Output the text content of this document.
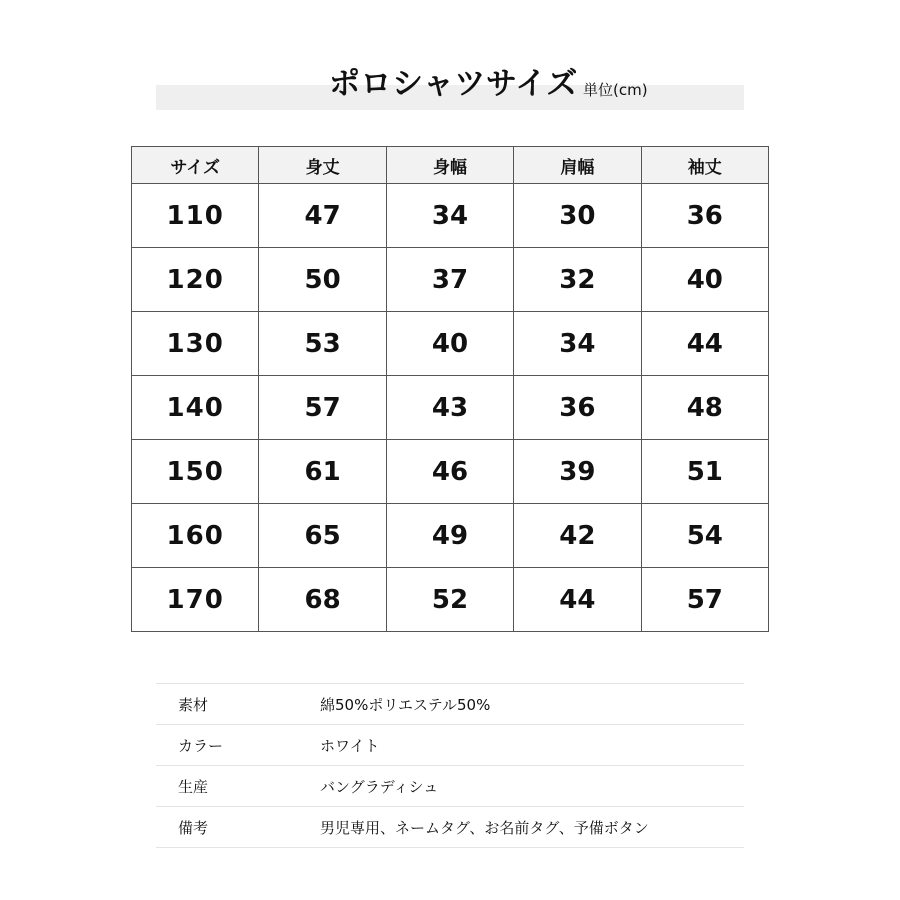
ポロシャツサイズ 単位(cm)
サイズ	身丈	身幅	肩幅	袖丈
110	47	34	30	36
120	50	37	32	40
130	53	40	34	44
140	57	43	36	48
150	61	46	39	51
160	65	49	42	54
170	68	52	44	57
素材	綿50%ポリエステル50%
カラー	ホワイト
生産	バングラディシュ
備考	男児専用、ネームタグ、お名前タグ、予備ボタン
